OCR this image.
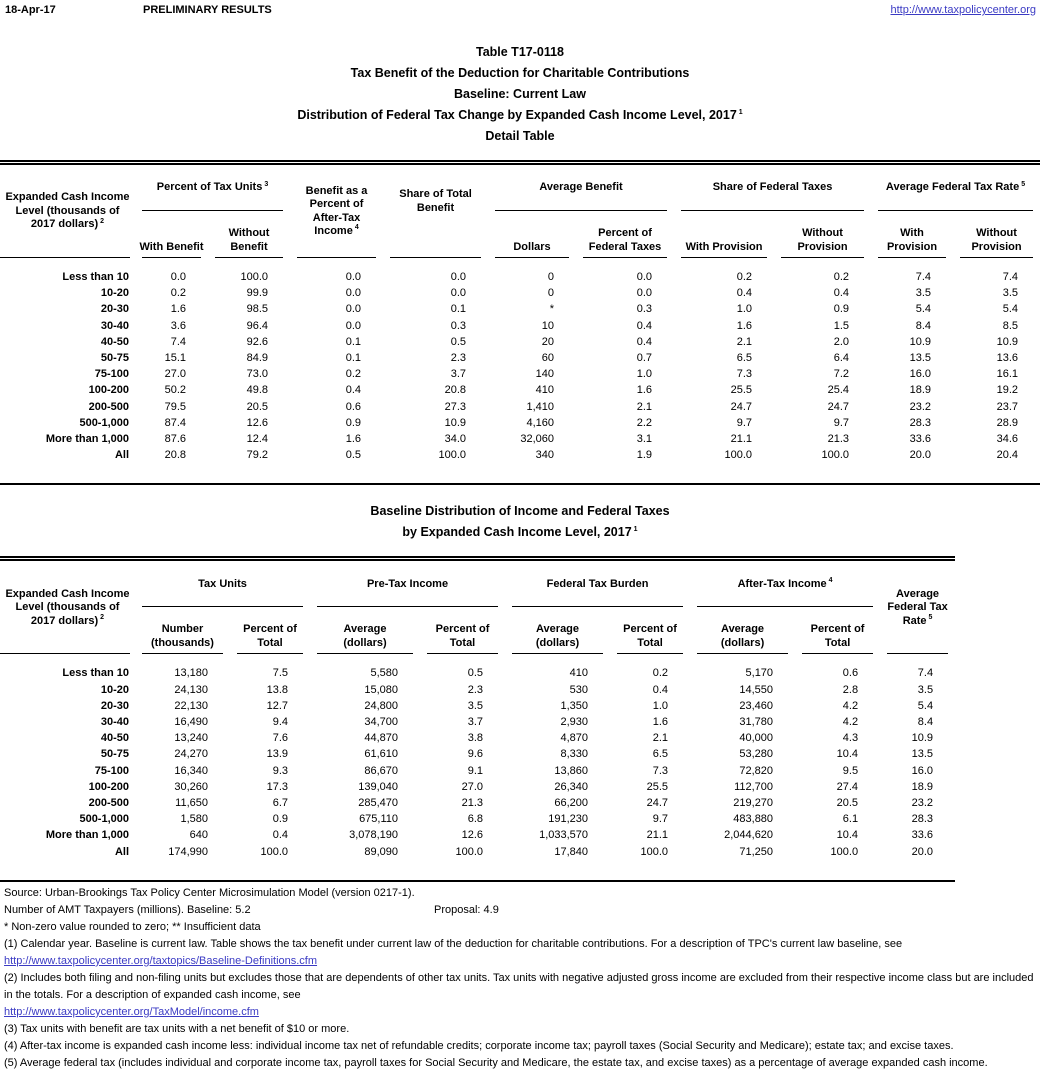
18-Apr-17	PRELIMINARY RESULTS	http://www.taxpolicycenter.org
Table T17-0118
Tax Benefit of the Deduction for Charitable Contributions
Baseline: Current Law
Distribution of Federal Tax Change by Expanded Cash Income Level, 2017 $^1$
Detail Table
Expanded Cash Income Level (thousands of 2017 dollars) $^2$	Percent of Tax Units $^3$		Benefit as a Percent of After-Tax Income $^4$	Share of Total Benefit	Average Benefit		Share of Federal Taxes		Average Federal Tax Rate $^5$
	With Benefit	Without Benefit			Dollars	Percent of Federal Taxes	With Provision	Without Provision	With Provision	Without Provision
Less than 10	0.0	100.0	0.0	0.0	0	0.0	0.2	0.2	7.4	7.4
10-20	0.2	99.9	0.0	0.0	0	0.0	0.4	0.4	3.5	3.5
20-30	1.6	98.5	0.0	0.1	*	0.3	1.0	0.9	5.4	5.4
30-40	3.6	96.4	0.0	0.3	10	0.4	1.6	1.5	8.4	8.5
40-50	7.4	92.6	0.1	0.5	20	0.4	2.1	2.0	10.9	10.9
50-75	15.1	84.9	0.1	2.3	60	0.7	6.5	6.4	13.5	13.6
75-100	27.0	73.0	0.2	3.7	140	1.0	7.3	7.2	16.0	16.1
100-200	50.2	49.8	0.4	20.8	410	1.6	25.5	25.4	18.9	19.2
200-500	79.5	20.5	0.6	27.3	1,410	2.1	24.7	24.7	23.2	23.7
500-1,000	87.4	12.6	0.9	10.9	4,160	2.2	9.7	9.7	28.3	28.9
More than 1,000	87.6	12.4	1.6	34.0	32,060	3.1	21.1	21.3	33.6	34.6
All	20.8	79.2	0.5	100.0	340	1.9	100.0	100.0	20.0	20.4
Baseline Distribution of Income and Federal Taxes
by Expanded Cash Income Level, 2017 $^1$
Expanded Cash Income Level (thousands of 2017 dollars) $^2$	Tax Units		Pre-Tax Income		Federal Tax Burden		After-Tax Income $^4$		Average Federal Tax Rate $^5$
	Number (thousands)	Percent of Total	Average (dollars)	Percent of Total	Average (dollars)	Percent of Total	Average (dollars)	Percent of Total	
Less than 10	13,180	7.5	5,580	0.5	410	0.2	5,170	0.6	7.4
10-20	24,130	13.8	15,080	2.3	530	0.4	14,550	2.8	3.5
20-30	22,130	12.7	24,800	3.5	1,350	1.0	23,460	4.2	5.4
30-40	16,490	9.4	34,700	3.7	2,930	1.6	31,780	4.2	8.4
40-50	13,240	7.6	44,870	3.8	4,870	2.1	40,000	4.3	10.9
50-75	24,270	13.9	61,610	9.6	8,330	6.5	53,280	10.4	13.5
75-100	16,340	9.3	86,670	9.1	13,860	7.3	72,820	9.5	16.0
100-200	30,260	17.3	139,040	27.0	26,340	25.5	112,700	27.4	18.9
200-500	11,650	6.7	285,470	21.3	66,200	24.7	219,270	20.5	23.2
500-1,000	1,580	0.9	675,110	6.8	191,230	9.7	483,880	6.1	28.3
More than 1,000	640	0.4	3,078,190	12.6	1,033,570	21.1	2,044,620	10.4	33.6
All	174,990	100.0	89,090	100.0	17,840	100.0	71,250	100.0	20.0

Source: Urban-Brookings Tax Policy Center Microsimulation Model (version 0217-1).

Number of AMT Taxpayers (millions). Baseline: 5.2	Proposal: 4.9

* Non-zero value rounded to zero; ** Insufficient data

(1) Calendar year. Baseline is current law. Table shows the tax benefit under current law of the deduction for charitable contributions. For a description of TPC's current law baseline, see

http://www.taxpolicycenter.org/taxtopics/Baseline-Definitions.cfm

(2) Includes both filing and non-filing units but excludes those that are dependents of other tax units. Tax units with negative adjusted gross income are excluded from their respective income class but are included in the totals. For a description of expanded cash income, see

http://www.taxpolicycenter.org/TaxModel/income.cfm

(3) Tax units with benefit are tax units with a net benefit of $10 or more.

(4) After-tax income is expanded cash income less: individual income tax net of refundable credits; corporate income tax; payroll taxes (Social Security and Medicare); estate tax; and excise taxes.

(5) Average federal tax (includes individual and corporate income tax, payroll taxes for Social Security and Medicare, the estate tax, and excise taxes) as a percentage of average expanded cash income.
